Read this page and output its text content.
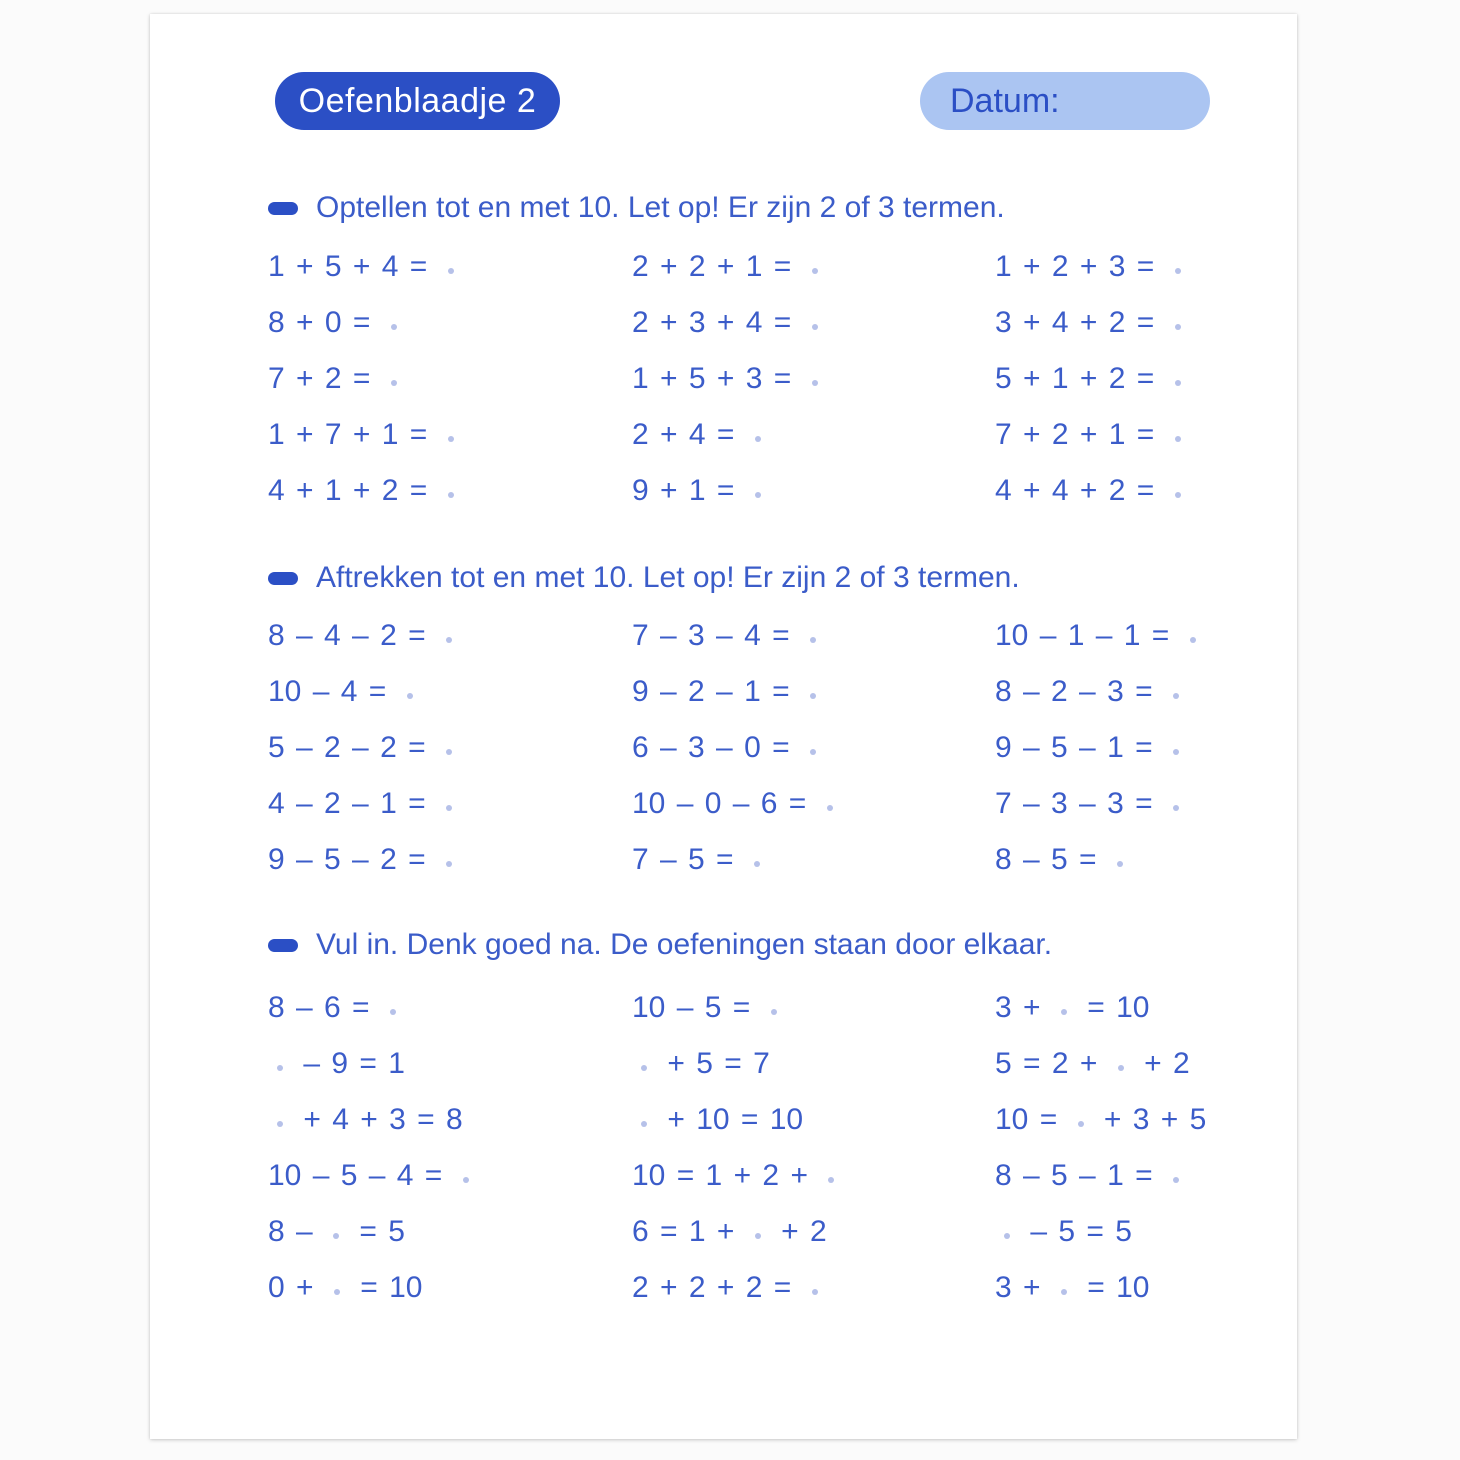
Oefenblaadje 2	Datum:
Optellen tot en met 10. Let op! Er zijn 2 of 3 termen.
1 + 5 + 4 =	2 + 2 + 1 =	1 + 2 + 3 =
8 + 0 =	2 + 3 + 4 =	3 + 4 + 2 =
7 + 2 =	1 + 5 + 3 =	5 + 1 + 2 =
1 + 7 + 1 =	2 + 4 =	7 + 2 + 1 =
4 + 1 + 2 =	9 + 1 =	4 + 4 + 2 =
Aftrekken tot en met 10. Let op! Er zijn 2 of 3 termen.
8 – 4 – 2 =	7 – 3 – 4 =	10 – 1 – 1 =
10 – 4 =	9 – 2 – 1 =	8 – 2 – 3 =
5 – 2 – 2 =	6 – 3 – 0 =	9 – 5 – 1 =
4 – 2 – 1 =	10 – 0 – 6 =	7 – 3 – 3 =
9 – 5 – 2 =	7 – 5 =	8 – 5 =
Vul in. Denk goed na. De oefeningen staan door elkaar.
8 – 6 =	10 – 5 =	3 +  = 10
– 9 = 1	+ 5 = 7	5 = 2 +  + 2
+ 4 + 3 = 8	+ 10 = 10	10 =  + 3 + 5
10 – 5 – 4 =	10 = 1 + 2 +	8 – 5 – 1 =
8 –  = 5	6 = 1 +  + 2	– 5 = 5
0 +  = 10	2 + 2 + 2 =	3 +  = 10
